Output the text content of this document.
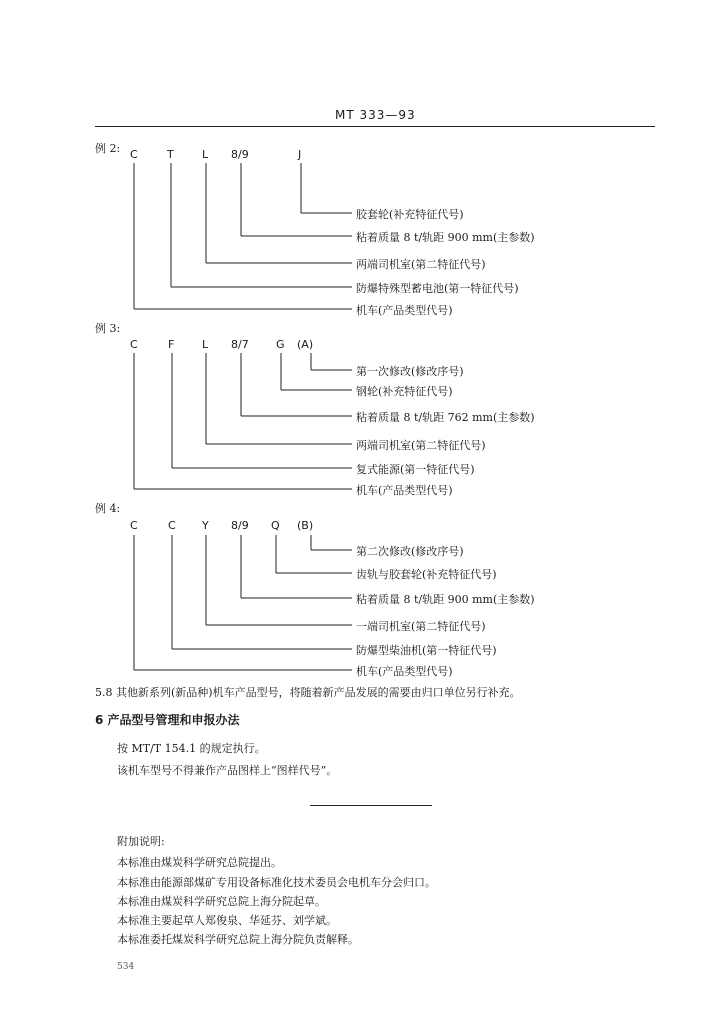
MT 333—93
例 2: C	T	L 8/9	J
胶套轮(补充特征代号)
粘着质量 8 t/轨距 900 mm(主参数)
两端司机室(第二特征代号)
防爆特殊型蓄电池(第一特征代号)
机车(产品类型代号)
例 3:
C	F	L 8/7 G (A)
第一次修改(修改序号)
钢轮(补充特征代号)
粘着质量 8 t/轨距 762 mm(主参数)
两端司机室(第二特征代号)
复式能源(第一特征代号)
机车(产品类型代号)
例 4:
C	C Y 8/9 Q (B)
第二次修改(修改序号)
齿轨与胶套轮(补充特征代号)
粘着质量 8 t/轨距 900 mm(主参数)
一端司机室(第二特征代号)
防爆型柴油机(第一特征代号)
机车(产品类型代号)
5.8 其他新系列(新品种)机车产品型号，将随着新产品发展的需要由归口单位另行补充。
6 产品型号管理和申报办法
按 MT/T 154.1 的规定执行。
该机车型号不得兼作产品图样上“图样代号”。
附加说明:
本标准由煤炭科学研究总院提出。
本标准由能源部煤矿专用设备标准化技术委员会电机车分会归口。
本标准由煤炭科学研究总院上海分院起草。
本标准主要起草人郑俊泉、华延芬、刘学斌。
本标准委托煤炭科学研究总院上海分院负责解释。
534
